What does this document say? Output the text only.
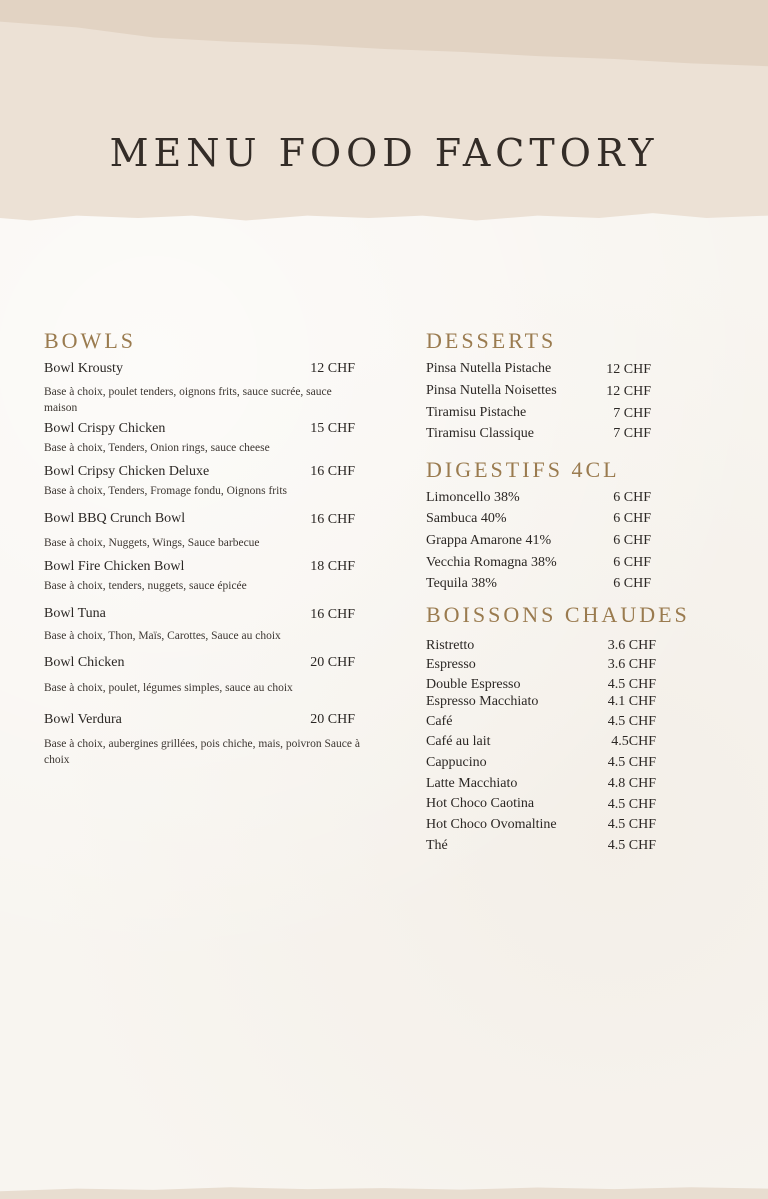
MENU FOOD FACTORY
BOWLS
Bowl Krousty	12 CHF
Base à choix, poulet tenders, oignons frits, sauce sucrée, sauce maison
Bowl Crispy Chicken	15 CHF
Base à choix, Tenders, Onion rings, sauce cheese
Bowl Cripsy Chicken Deluxe	16 CHF
Base à choix, Tenders, Fromage fondu, Oignons frits
Bowl BBQ Crunch Bowl	16 CHF
Base à choix, Nuggets, Wings, Sauce barbecue
Bowl Fire Chicken Bowl	18 CHF
Base à choix, tenders, nuggets, sauce épicée
Bowl Tuna	16 CHF
Base à choix, Thon, Maïs, Carottes, Sauce au choix
Bowl Chicken	20 CHF
Base à choix, poulet, légumes simples, sauce au choix
Bowl Verdura	20 CHF
Base à choix, aubergines grillées, pois chiche, mais, poivron Sauce à choix
DESSERTS
Pinsa Nutella Pistache	12 CHF
Pinsa Nutella Noisettes	12 CHF
Tiramisu Pistache	7 CHF
Tiramisu Classique	7 CHF
DIGESTIFS 4CL
Limoncello 38%	6 CHF
Sambuca 40%	6 CHF
Grappa Amarone 41%	6 CHF
Vecchia Romagna 38%	6 CHF
Tequila 38%	6 CHF
BOISSONS CHAUDES
Ristretto	3.6 CHF
Espresso	3.6 CHF
Double Espresso	4.5 CHF
Espresso Macchiato	4.1 CHF
Café	4.5 CHF
Café au lait	4.5CHF
Cappucino	4.5 CHF
Latte Macchiato	4.8 CHF
Hot Choco Caotina	4.5 CHF
Hot Choco Ovomaltine	4.5 CHF
Thé	4.5 CHF
